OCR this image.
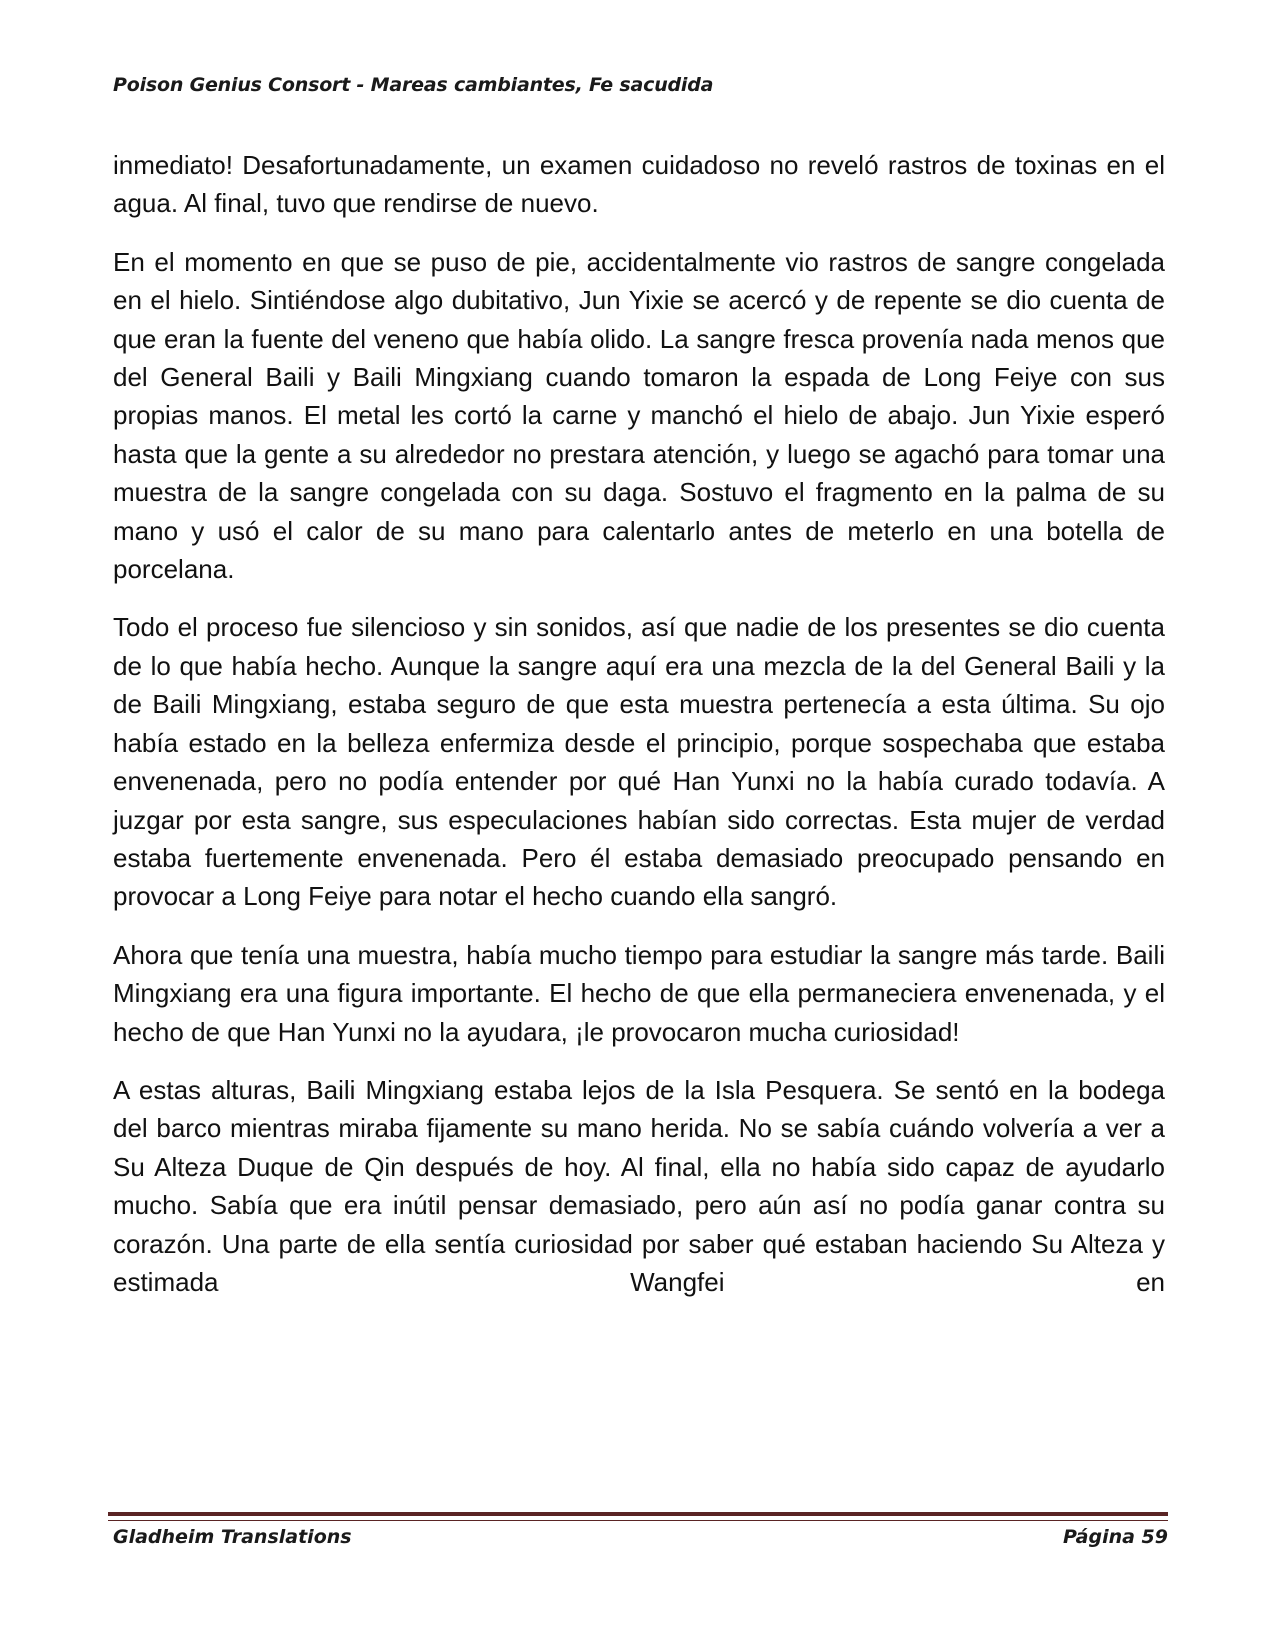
Poison Genius Consort - Mareas cambiantes, Fe sacudida

inmediato! Desafortunadamente, un examen cuidadoso no reveló rastros de toxinas en el agua. Al final, tuvo que rendirse de nuevo.

En el momento en que se puso de pie, accidentalmente vio rastros de sangre congelada en el hielo. Sintiéndose algo dubitativo, Jun Yixie se acercó y de repente se dio cuenta de que eran la fuente del veneno que había olido. La sangre fresca provenía nada menos que del General Baili y Baili Mingxiang cuando tomaron la espada de Long Feiye con sus propias manos. El metal les cortó la carne y manchó el hielo de abajo. Jun Yixie esperó hasta que la gente a su alrededor no prestara atención, y luego se agachó para tomar una muestra de la sangre congelada con su daga. Sostuvo el fragmento en la palma de su mano y usó el calor de su mano para calentarlo antes de meterlo en una botella de porcelana.

Todo el proceso fue silencioso y sin sonidos, así que nadie de los presentes se dio cuenta de lo que había hecho. Aunque la sangre aquí era una mezcla de la del General Baili y la de Baili Mingxiang, estaba seguro de que esta muestra pertenecía a esta última. Su ojo había estado en la belleza enfermiza desde el principio, porque sospechaba que estaba envenenada, pero no podía entender por qué Han Yunxi no la había curado todavía. A juzgar por esta sangre, sus especulaciones habían sido correctas. Esta mujer de verdad estaba fuertemente envenenada. Pero él estaba demasiado preocupado pensando en provocar a Long Feiye para notar el hecho cuando ella sangró.

Ahora que tenía una muestra, había mucho tiempo para estudiar la sangre más tarde. Baili Mingxiang era una figura importante. El hecho de que ella permaneciera envenenada, y el hecho de que Han Yunxi no la ayudara, ¡le provocaron mucha curiosidad!

A estas alturas, Baili Mingxiang estaba lejos de la Isla Pesquera. Se sentó en la bodega del barco mientras miraba fijamente su mano herida. No se sabía cuándo volvería a ver a Su Alteza Duque de Qin después de hoy. Al final, ella no había sido capaz de ayudarlo mucho. Sabía que era inútil pensar demasiado, pero aún así no podía ganar contra su corazón. Una parte de ella sentía curiosidad por saber qué estaban haciendo Su Alteza y estimada Wangfei en

Gladheim Translations	Página 59
